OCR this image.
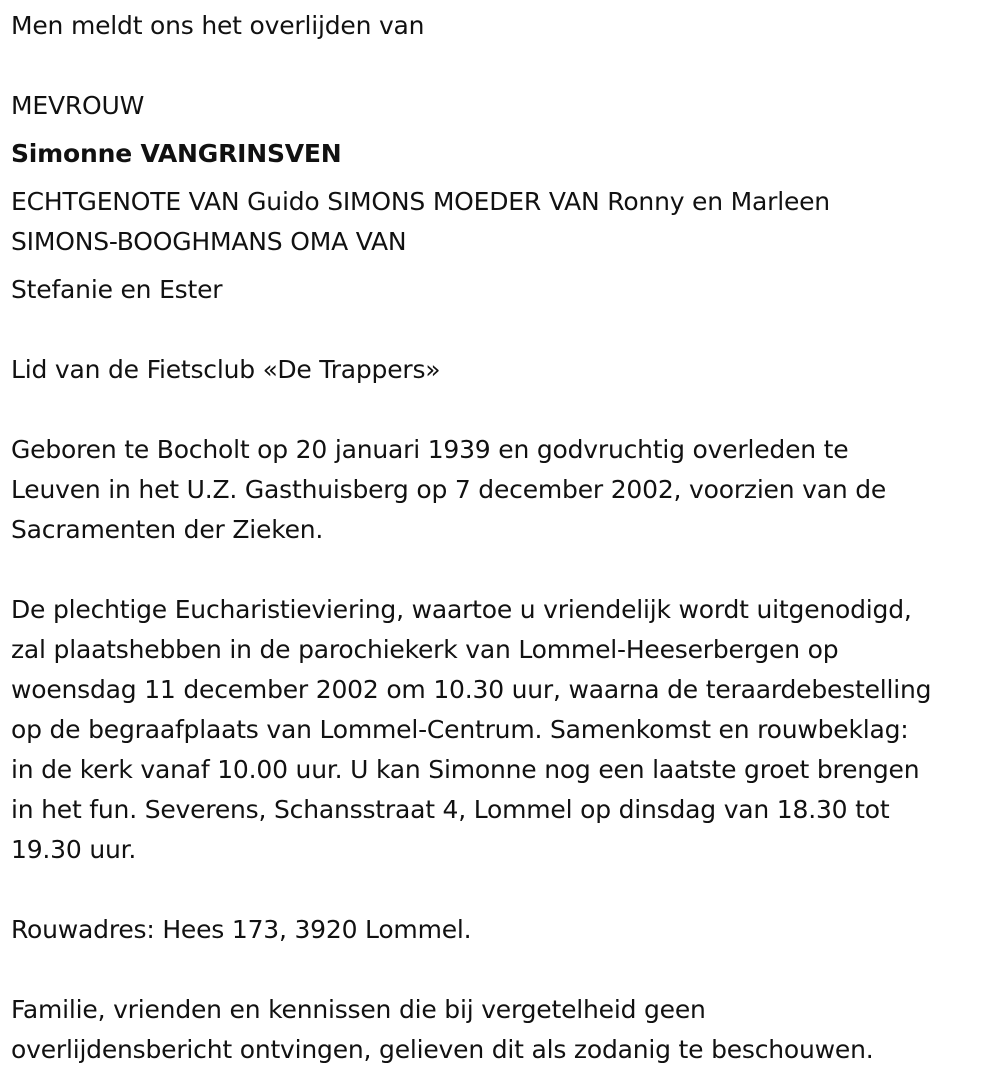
Men meldt ons het overlijden van
MEVROUW
Simonne VANGRINSVEN
ECHTGENOTE VAN Guido SIMONS MOEDER VAN Ronny en Marleen
SIMONS-BOOGHMANS OMA VAN
Stefanie en Ester
Lid van de Fietsclub «De Trappers»
Geboren te Bocholt op 20 januari 1939 en godvruchtig overleden te
Leuven in het U.Z. Gasthuisberg op 7 december 2002, voorzien van de
Sacramenten der Zieken.
De plechtige Eucharistieviering, waartoe u vriendelijk wordt uitgenodigd,
zal plaatshebben in de parochiekerk van Lommel-Heeserbergen op
woensdag 11 december 2002 om 10.30 uur, waarna de teraardebestelling
op de begraafplaats van Lommel-Centrum. Samenkomst en rouwbeklag:
in de kerk vanaf 10.00 uur. U kan Simonne nog een laatste groet brengen
in het fun. Severens, Schansstraat 4, Lommel op dinsdag van 18.30 tot
19.30 uur.
Rouwadres: Hees 173, 3920 Lommel.
Familie, vrienden en kennissen die bij vergetelheid geen
overlijdensbericht ontvingen, gelieven dit als zodanig te beschouwen.
